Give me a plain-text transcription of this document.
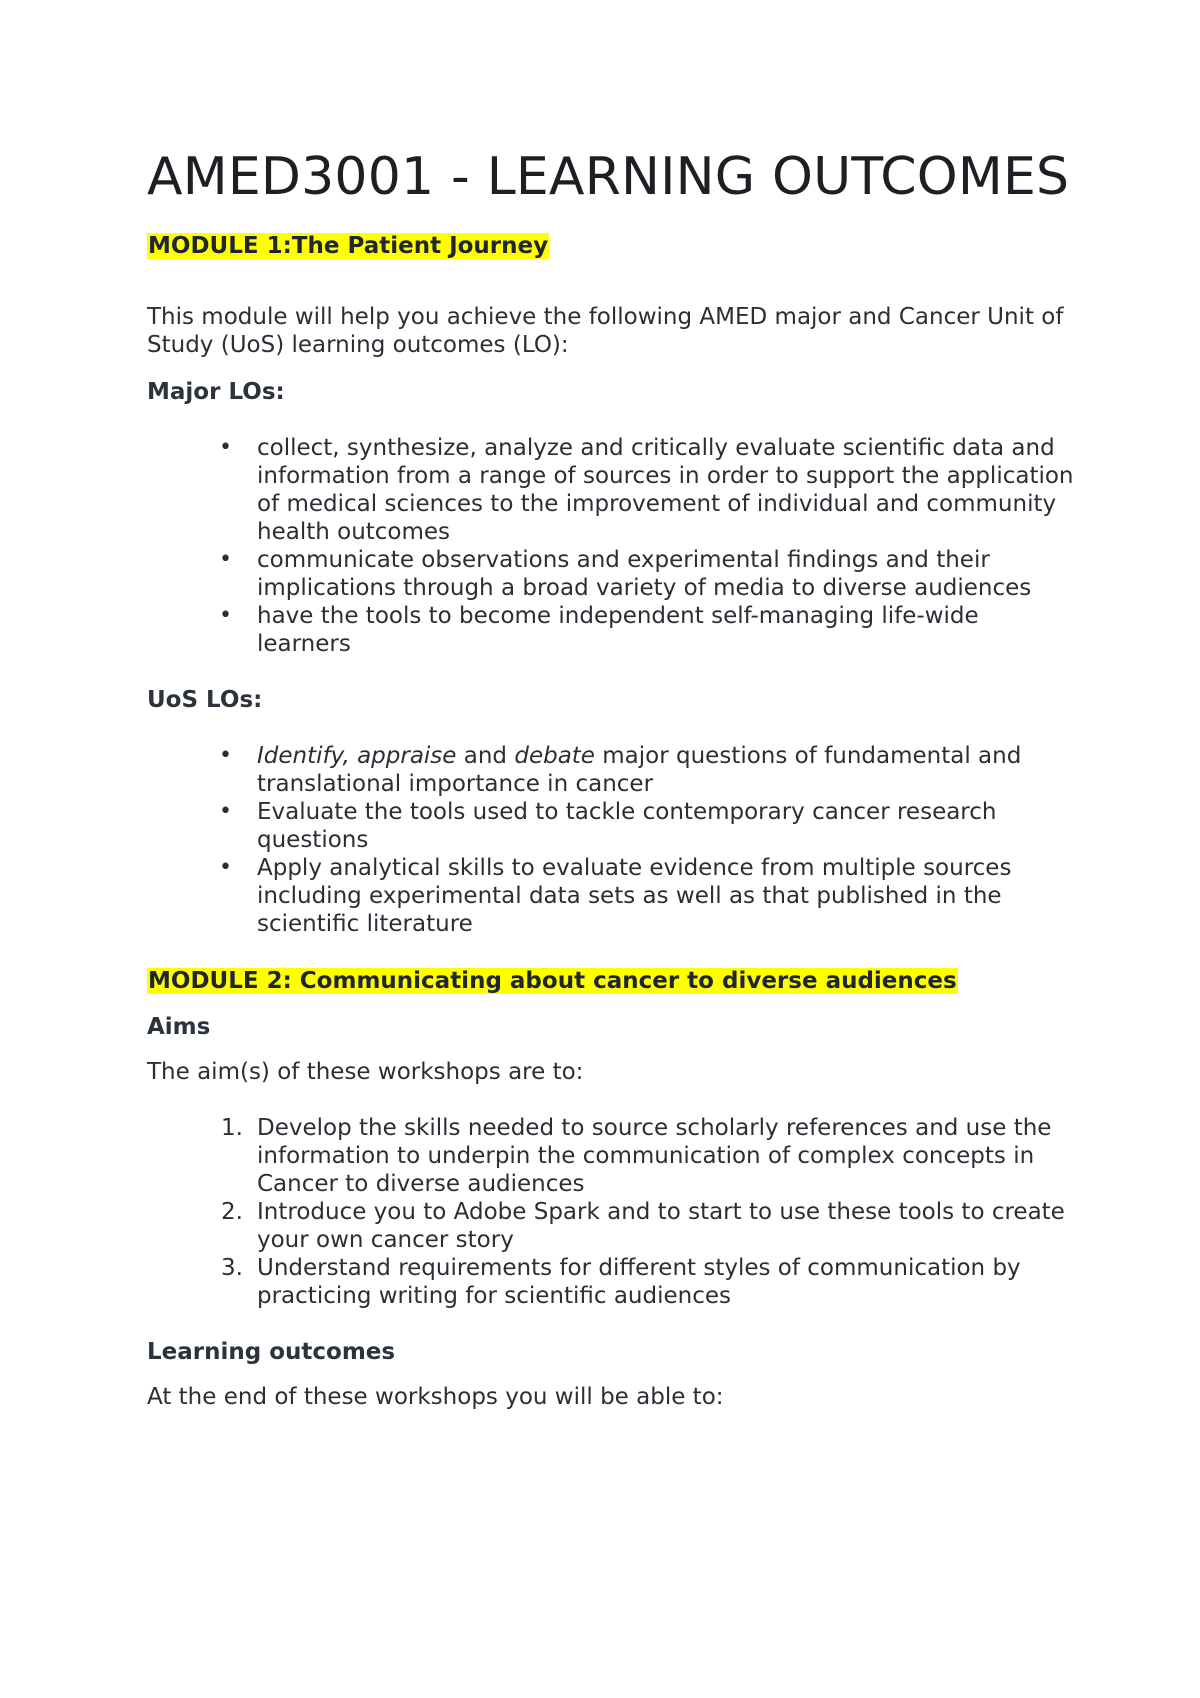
AMED3001 - LEARNING OUTCOMES

MODULE 1:The Patient Journey

This module will help you achieve the following AMED major and Cancer Unit of Study (UoS) learning outcomes (LO):

Major LOs:

• collect, synthesize, analyze and critically evaluate scientific data and information from a range of sources in order to support the application of medical sciences to the improvement of individual and community health outcomes
• communicate observations and experimental findings and their implications through a broad variety of media to diverse audiences
• have the tools to become independent self-managing life-wide learners

UoS LOs:

• Identify, appraise and debate major questions of fundamental and translational importance in cancer
• Evaluate the tools used to tackle contemporary cancer research questions
• Apply analytical skills to evaluate evidence from multiple sources including experimental data sets as well as that published in the scientific literature

MODULE 2: Communicating about cancer to diverse audiences

Aims

The aim(s) of these workshops are to:

1. Develop the skills needed to source scholarly references and use the information to underpin the communication of complex concepts in Cancer to diverse audiences
2. Introduce you to Adobe Spark and to start to use these tools to create your own cancer story
3. Understand requirements for different styles of communication by practicing writing for scientific audiences

Learning outcomes

At the end of these workshops you will be able to:
